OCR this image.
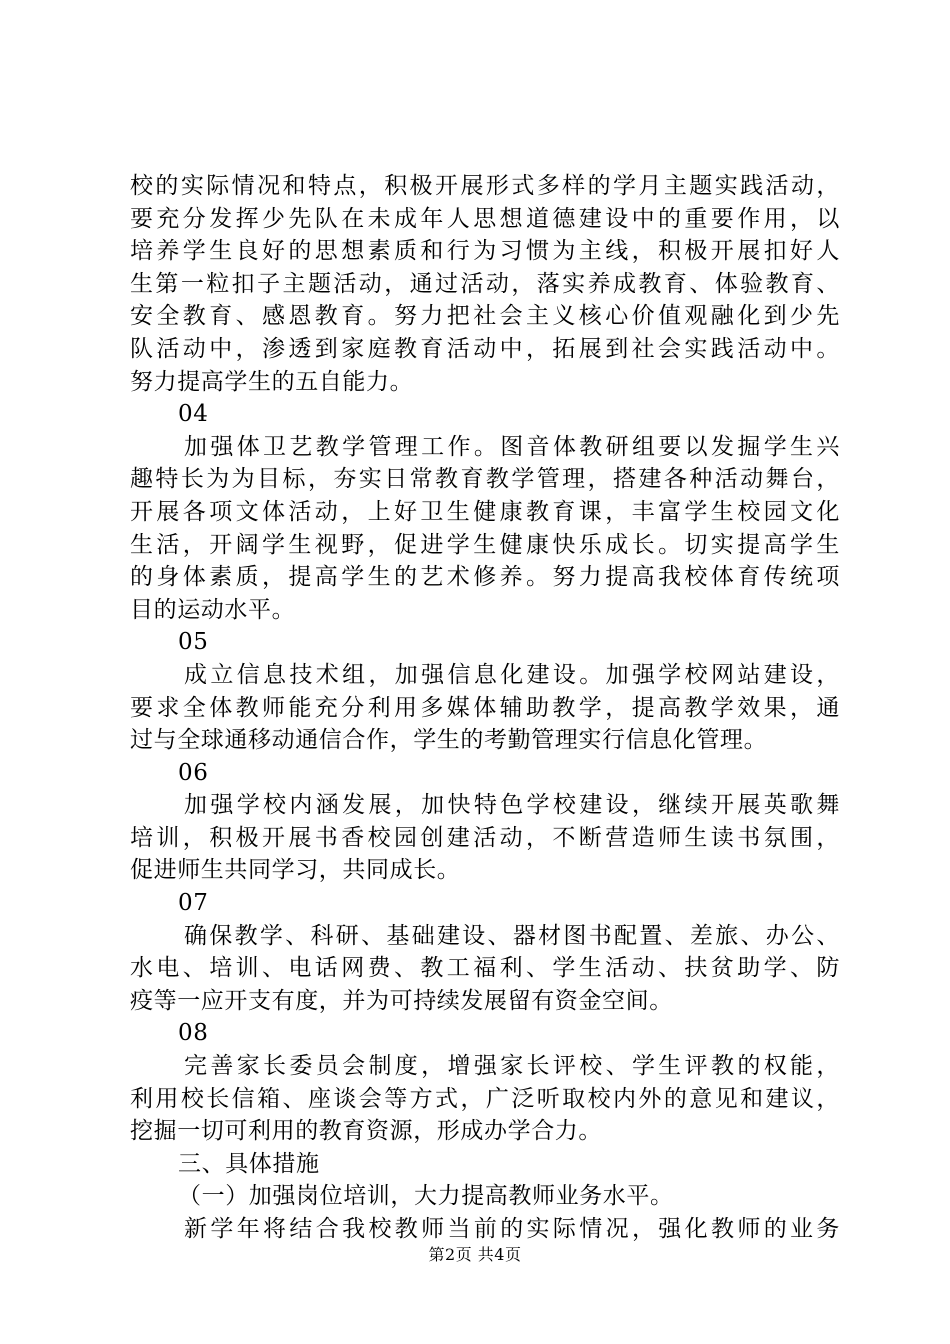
校的实际情况和特点，积极开展形式多样的学月主题实践活动，
要充分发挥少先队在未成年人思想道德建设中的重要作用，以
培养学生良好的思想素质和行为习惯为主线，积极开展扣好人
生第一粒扣子主题活动，通过活动，落实养成教育、体验教育、
安全教育、感恩教育。努力把社会主义核心价值观融化到少先
队活动中，渗透到家庭教育活动中，拓展到社会实践活动中。
努力提高学生的五自能力。
04
加强体卫艺教学管理工作。图音体教研组要以发掘学生兴
趣特长为为目标，夯实日常教育教学管理，搭建各种活动舞台，
开展各项文体活动，上好卫生健康教育课，丰富学生校园文化
生活，开阔学生视野，促进学生健康快乐成长。切实提高学生
的身体素质，提高学生的艺术修养。努力提高我校体育传统项
目的运动水平。
05
成立信息技术组，加强信息化建设。加强学校网站建设，
要求全体教师能充分利用多媒体辅助教学，提高教学效果，通
过与全球通移动通信合作，学生的考勤管理实行信息化管理。
06
加强学校内涵发展，加快特色学校建设，继续开展英歌舞
培训，积极开展书香校园创建活动，不断营造师生读书氛围，
促进师生共同学习，共同成长。
07
确保教学、科研、基础建设、器材图书配置、差旅、办公、
水电、培训、电话网费、教工福利、学生活动、扶贫助学、防
疫等一应开支有度，并为可持续发展留有资金空间。
08
完善家长委员会制度，增强家长评校、学生评教的权能，
利用校长信箱、座谈会等方式，广泛听取校内外的意见和建议，
挖掘一切可利用的教育资源，形成办学合力。
三、具体措施
（一）加强岗位培训，大力提高教师业务水平。
新学年将结合我校教师当前的实际情况，强化教师的业务
第2页 共4页
